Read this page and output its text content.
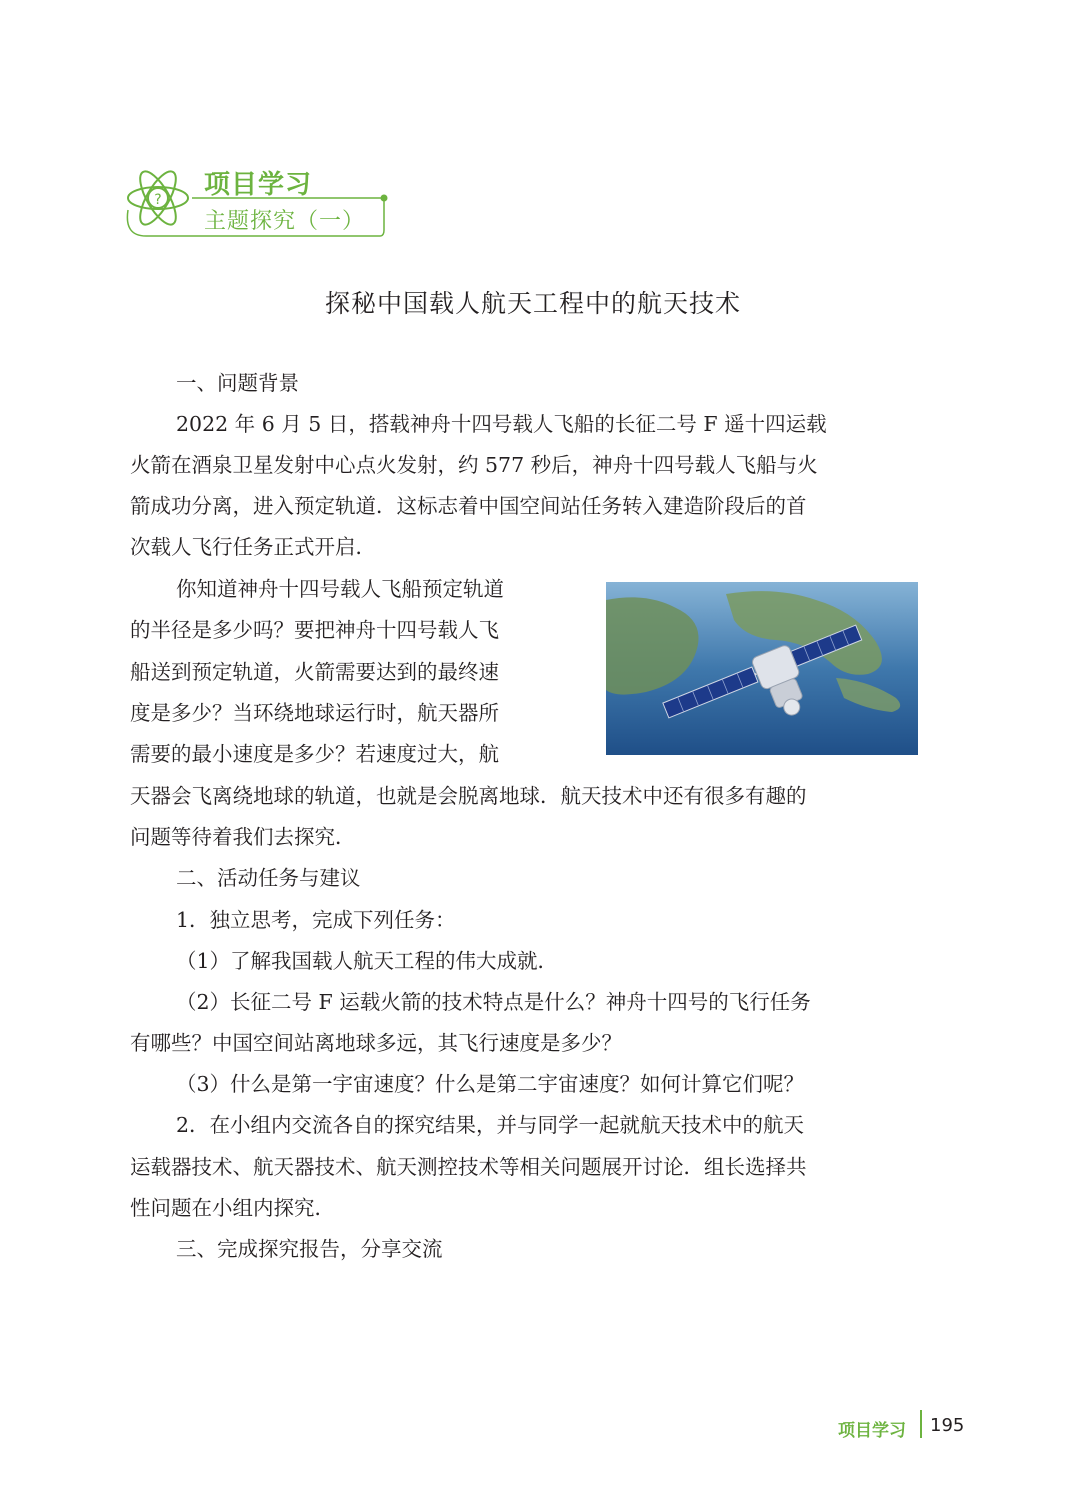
? 项目学习
主题探究（一）
探秘中国载人航天工程中的航天技术
一、问题背景
2022 年 6 月 5 日，搭载神舟十四号载人飞船的长征二号 F 遥十四运载
火箭在酒泉卫星发射中心点火发射，约 577 秒后，神舟十四号载人飞船与火
箭成功分离，进入预定轨道．这标志着中国空间站任务转入建造阶段后的首
次载人飞行任务正式开启．
你知道神舟十四号载人飞船预定轨道
的半径是多少吗？要把神舟十四号载人飞
船送到预定轨道，火箭需要达到的最终速
度是多少？当环绕地球运行时，航天器所
需要的最小速度是多少？若速度过大，航
天器会飞离绕地球的轨道，也就是会脱离地球．航天技术中还有很多有趣的
问题等待着我们去探究．
二、活动任务与建议
1．独立思考，完成下列任务：
（1）了解我国载人航天工程的伟大成就．
（2）长征二号 F 运载火箭的技术特点是什么？神舟十四号的飞行任务
有哪些？中国空间站离地球多远，其飞行速度是多少？
（3）什么是第一宇宙速度？什么是第二宇宙速度？如何计算它们呢？
2．在小组内交流各自的探究结果，并与同学一起就航天技术中的航天
运载器技术、航天器技术、航天测控技术等相关问题展开讨论．组长选择共
性问题在小组内探究．
三、完成探究报告，分享交流
项目学习 195
